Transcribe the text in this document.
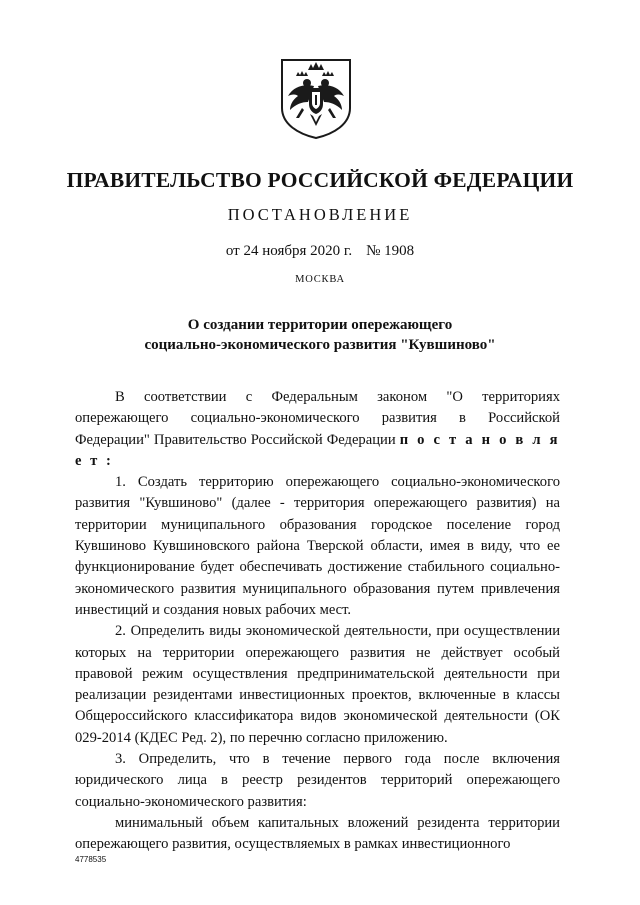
ПРАВИТЕЛЬСТВО РОССИЙСКОЙ ФЕДЕРАЦИИ
ПОСТАНОВЛЕНИЕ
от 24 ноября 2020 г. № 1908
МОСКВА
О создании территории опережающего
социально-экономического развития "Кувшиново"

В соответствии с Федеральным законом "О территориях опережающего социально-экономического развития в Российской Федерации" Правительство Российской Федерации п о с т а н о в л я е т :

1. Создать территорию опережающего социально-экономического развития "Кувшиново" (далее - территория опережающего развития) на территории муниципального образования городское поселение город Кувшиново Кувшиновского района Тверской области, имея в виду, что ее функционирование будет обеспечивать достижение стабильного социально-экономического развития муниципального образования путем привлечения инвестиций и создания новых рабочих мест.

2. Определить виды экономической деятельности, при осуществлении которых на территории опережающего развития не действует особый правовой режим осуществления предпринимательской деятельности при реализации резидентами инвестиционных проектов, включенные в классы Общероссийского классификатора видов экономической деятельности (ОК 029-2014 (КДЕС Ред. 2), по перечню согласно приложению.

3. Определить, что в течение первого года после включения юридического лица в реестр резидентов территорий опережающего социально-экономического развития:

минимальный объем капитальных вложений резидента территории опережающего развития, осуществляемых в рамках инвестиционного

4778535
